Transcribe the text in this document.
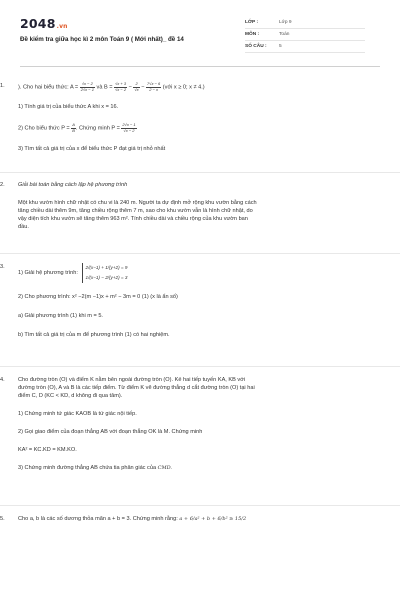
2048.vn
Đề kiểm tra giữa học kì 2 môn Toán 9 ( Mới nhất)_ đề 14
LỚP :	Lớp 9
MÔN :	Toán
SỐ CÂU :	5
1.	). Cho hai biểu thức: $A = \frac{√x - 2}{2√x - 1}$ và $B = \frac{√x + 3}{√x - 2} - \frac{2}{√x} - \frac{7√x - 6}{2 - x}$ (với x ≥ 0; x ≠ 4.)
1) Tính giá trị của biểu thức A khi x = 16.
2) Cho biểu thức $P = \frac{A}{B}$ . Chứng minh $P = \frac{2√x - 1}{√x - 2}$
3) Tìm tất cả giá trị của x để biểu thức P đạt giá trị nhỏ nhất
2.	Giải bài toán bằng cách lập hệ phương trình
Một khu vườn hình chữ nhật có chu vi là 240 m. Người ta dự định mở rộng khu vườn bằng cách
tăng chiều dài thêm 9m, tăng chiều rộng thêm 7 m, sao cho khu vườn vẫn là hình chữ nhật, do
vậy diện tích khu vườn sẽ tăng thêm 963 m². Tính chiều dài và chiều rộng của khu vườn ban
đầu.
3.
1) Giải hệ phương trình:
2/(x−1) + 1/(y+2) = 9
1/(x−1) − 2/(y+2) = 3
2) Cho phương trình: x² −2(m −1)x + m² − 3m = 0 (1) (x là ẩn số)
a) Giải phương trình (1) khi m = 5.
b) Tìm tất cả giá trị của m để phương trình (1) có hai nghiệm.
4.	Cho đường tròn (O) và điểm K nằm bên ngoài đường tròn (O). Kẻ hai tiếp tuyến KA, KB với
đường tròn (O), A và B là các tiếp điểm. Từ điểm K vẽ đường thẳng d cắt đường tròn (O) tại hai
điểm C, D (KC < KD, d không đi qua tâm).
1) Chứng minh tứ giác KAOB là tứ giác nội tiếp.
2) Gọi giao điểm của đoạn thẳng AB với đoạn thẳng OK là M. Chứng minh
KA² = KC.KD = KM.KO.
3) Chứng minh đường thẳng AB chứa tia phân giác của CMD.
5.	Cho a, b là các số dương thỏa mãn a + b = 3. Chứng minh rằng: a + 6/a² + b + 6/b² ≥ 15/2
